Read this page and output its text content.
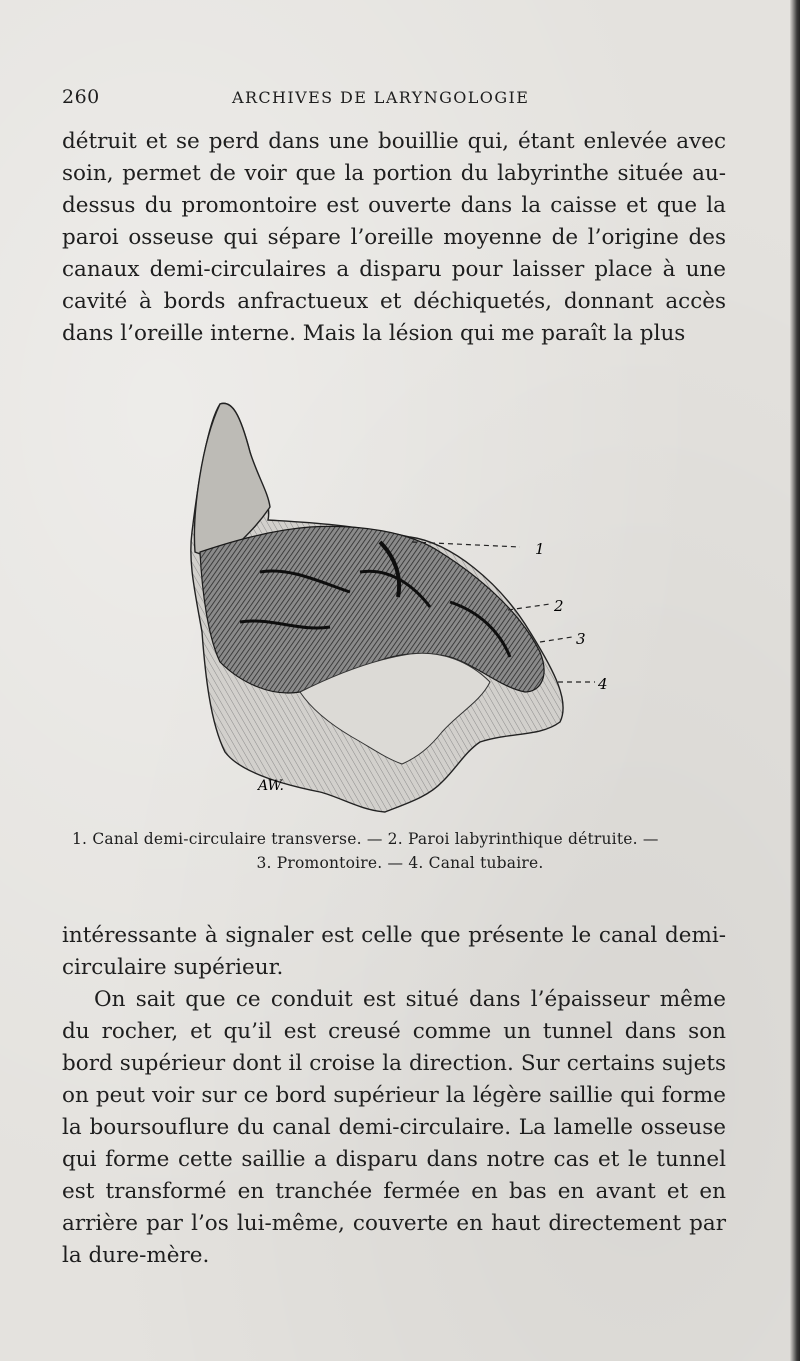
260	ARCHIVES DE LARYNGOLOGIE

détruit et se perd dans une bouillie qui, étant enlevée avec soin, permet de voir que la portion du labyrinthe située au-dessus du promontoire est ouverte dans la caisse et que la paroi osseuse qui sépare l’oreille moyenne de l’origine des canaux demi-circulaires a disparu pour laisser place à une cavité à bords anfractueux et déchiquetés, donnant accès dans l’oreille interne. Mais la lésion qui me paraît la plus

1
2
3
4
AW.
1. Canal demi-circulaire transverse. — 2. Paroi labyrinthique détruite. —
3. Promontoire. — 4. Canal tubaire.

intéressante à signaler est celle que présente le canal demi-circulaire supérieur.

On sait que ce conduit est situé dans l’épaisseur même du rocher, et qu’il est creusé comme un tunnel dans son bord supérieur dont il croise la direction. Sur certains sujets on peut voir sur ce bord supérieur la légère saillie qui forme la boursouflure du canal demi-circulaire. La lamelle osseuse qui forme cette saillie a disparu dans notre cas et le tunnel est transformé en tranchée fermée en bas en avant et en arrière par l’os lui-même, couverte en haut directement par la dure-mère.
